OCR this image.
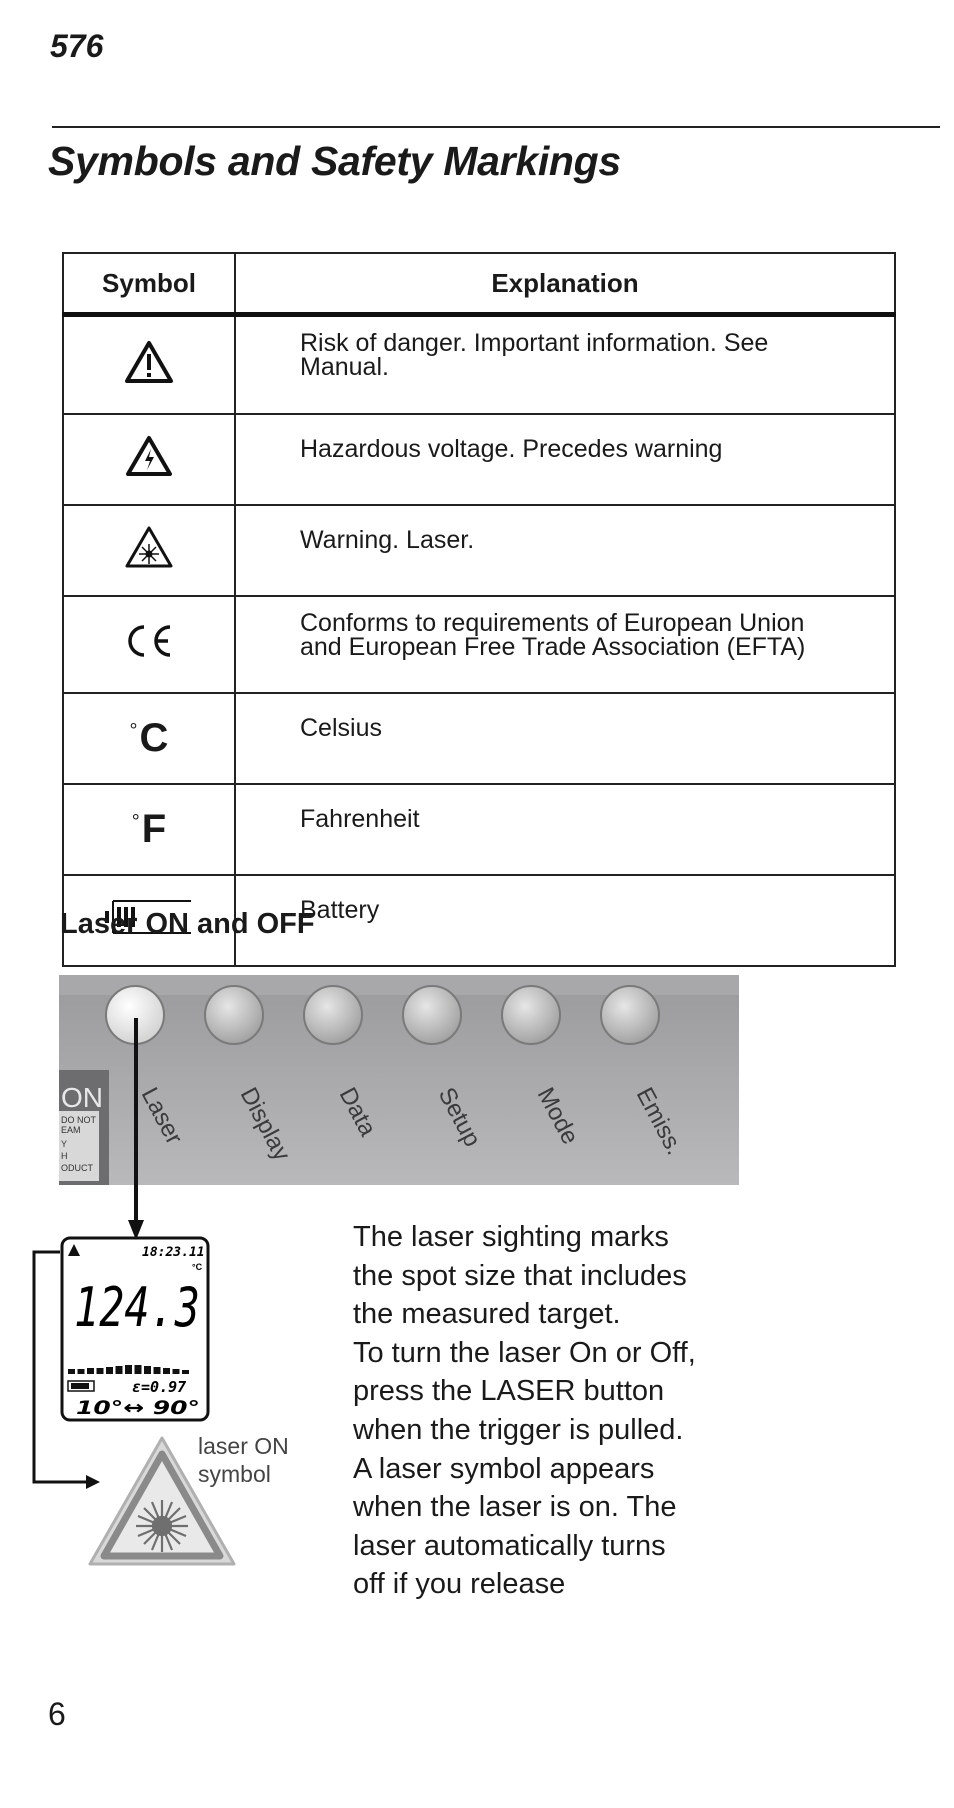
576
Symbols and Safety Markings
Symbol	Explanation
	Risk of danger. Important information. See
Manual.
	Hazardous voltage. Precedes warning
	Warning. Laser.
	Conforms to requirements of European Union
and European Free Trade Association (EFTA)
°C	Celsius
°F	Fahrenheit
	Battery
Laser ON and OFF
ON
DO NOT
EAM
Y
H
ODUCT
Laser Display Data Setup Mode Emiss.
18:23.11
°C
124.3
ε=0.97
10°↔ 90°
laser ON
symbol
The laser sighting marks
the spot size that includes
the measured target.
To turn the laser On or Off,
press the LASER button
when the trigger is pulled.
A laser symbol appears
when the laser is on. The
laser automatically turns
off if you release
6
